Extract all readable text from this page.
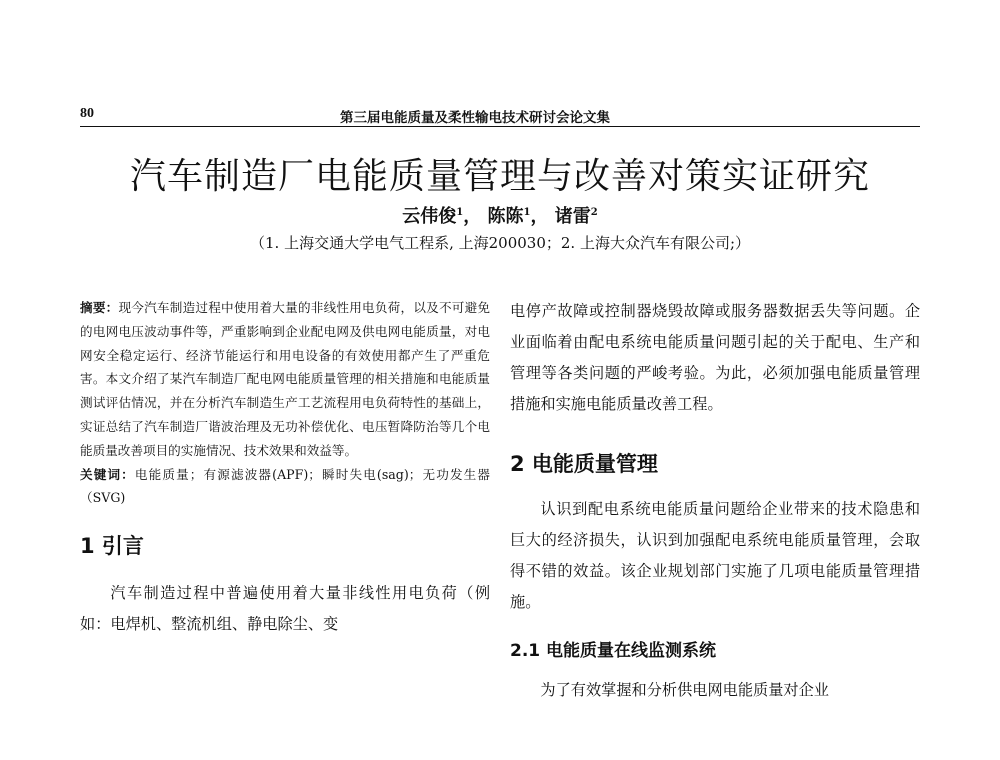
80	第三届电能质量及柔性输电技术研讨会论文集
汽车制造厂电能质量管理与改善对策实证研究
云伟俊$^1$， 陈陈$^1$， 诸雷$^2$
（1. 上海交通大学电气工程系, 上海200030；2. 上海大众汽车有限公司;）

摘要：现今汽车制造过程中使用着大量的非线性用电负荷，以及不可避免的电网电压波动事件等，严重影响到企业配电网及供电网电能质量，对电网安全稳定运行、经济节能运行和用电设备的有效使用都产生了严重危害。本文介绍了某汽车制造厂配电网电能质量管理的相关措施和电能质量测试评估情况，并在分析汽车制造生产工艺流程用电负荷特性的基础上，实证总结了汽车制造厂谐波治理及无功补偿优化、电压暂降防治等几个电能质量改善项目的实施情况、技术效果和效益等。

关键词：电能质量；有源滤波器(APF)；瞬时失电(sag)；无功发生器（SVG)

1 引言

汽车制造过程中普遍使用着大量非线性用电负荷（例如：电焊机、整流机组、静电除尘、变

电停产故障或控制器烧毁故障或服务器数据丢失等问题。企业面临着由配电系统电能质量问题引起的关于配电、生产和管理等各类问题的严峻考验。为此，必须加强电能质量管理措施和实施电能质量改善工程。

2 电能质量管理

认识到配电系统电能质量问题给企业带来的技术隐患和巨大的经济损失，认识到加强配电系统电能质量管理，会取得不错的效益。该企业规划部门实施了几项电能质量管理措施。

2.1 电能质量在线监测系统

为了有效掌握和分析供电网电能质量对企业
